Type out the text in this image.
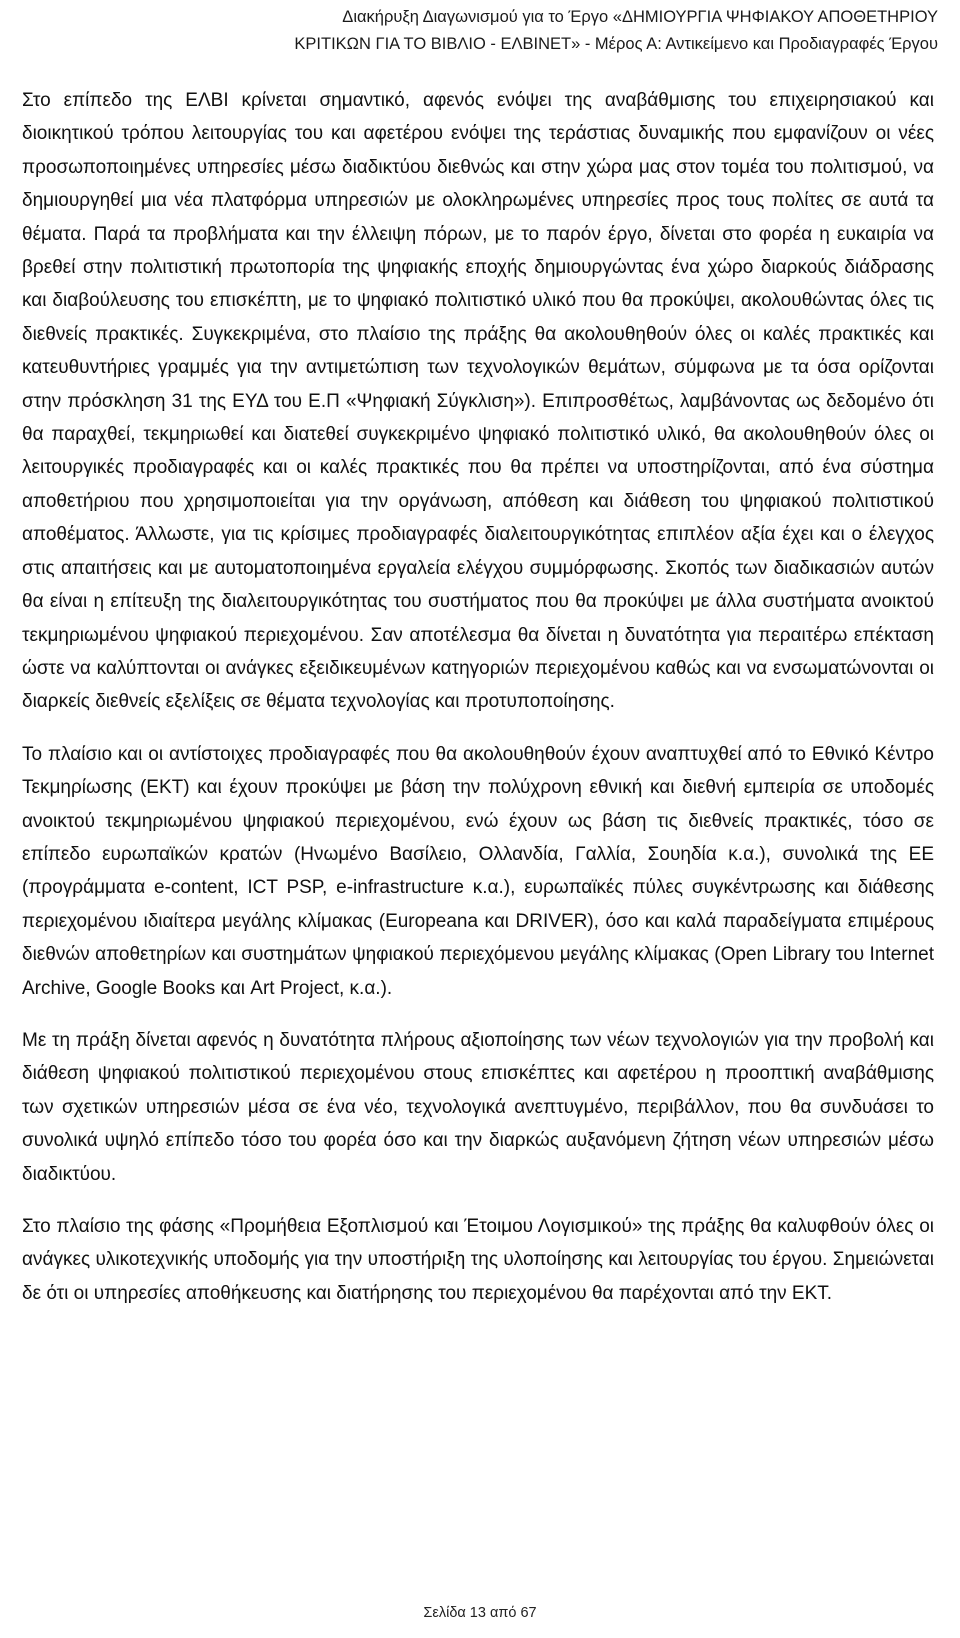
Διακήρυξη Διαγωνισμού για το Έργο «ΔΗΜΙΟΥΡΓΙΑ ΨΗΦΙΑΚΟΥ ΑΠΟΘΕΤΗΡΙΟΥ
ΚΡΙΤΙΚΩΝ ΓΙΑ ΤΟ ΒΙΒΛΙΟ - ΕΛΒΙΝΕΤ» - Μέρος Α: Αντικείμενο και Προδιαγραφές Έργου

Στο επίπεδο της ΕΛΒΙ κρίνεται σημαντικό, αφενός ενόψει της αναβάθμισης του επιχειρησιακού και διοικητικού τρόπου λειτουργίας του και αφετέρου ενόψει της τεράστιας δυναμικής που εμφανίζουν οι νέες προσωποποιημένες υπηρεσίες μέσω διαδικτύου διεθνώς και στην χώρα μας στον τομέα του πολιτισμού, να δημιουργηθεί μια νέα πλατφόρμα υπηρεσιών με ολοκληρωμένες υπηρεσίες προς τους πολίτες σε αυτά τα θέματα. Παρά τα προβλήματα και την έλλειψη πόρων, με το παρόν έργο, δίνεται στο φορέα η ευκαιρία να βρεθεί στην πολιτιστική πρωτοπορία της ψηφιακής εποχής δημιουργώντας ένα χώρο διαρκούς διάδρασης και διαβούλευσης του επισκέπτη, με το ψηφιακό πολιτιστικό υλικό που θα προκύψει, ακολουθώντας όλες τις διεθνείς πρακτικές. Συγκεκριμένα, στο πλαίσιο της πράξης θα ακολουθηθούν όλες οι καλές πρακτικές και κατευθυντήριες γραμμές για την αντιμετώπιση των τεχνολογικών θεμάτων, σύμφωνα με τα όσα ορίζονται στην πρόσκληση 31 της ΕΥΔ του Ε.Π «Ψηφιακή Σύγκλιση»). Επιπροσθέτως, λαμβάνοντας ως δεδομένο ότι θα παραχθεί, τεκμηριωθεί και διατεθεί συγκεκριμένο ψηφιακό πολιτιστικό υλικό, θα ακολουθηθούν όλες οι λειτουργικές προδιαγραφές και οι καλές πρακτικές που θα πρέπει να υποστηρίζονται, από ένα σύστημα αποθετήριου που χρησιμοποιείται για την οργάνωση, απόθεση και διάθεση του ψηφιακού πολιτιστικού αποθέματος. Άλλωστε, για τις κρίσιμες προδιαγραφές διαλειτουργικότητας επιπλέον αξία έχει και ο έλεγχος στις απαιτήσεις και με αυτοματοποιημένα εργαλεία ελέγχου συμμόρφωσης. Σκοπός των διαδικασιών αυτών θα είναι η επίτευξη της διαλειτουργικότητας του συστήματος που θα προκύψει με άλλα συστήματα ανοικτού τεκμηριωμένου ψηφιακού περιεχομένου. Σαν αποτέλεσμα θα δίνεται η δυνατότητα για περαιτέρω επέκταση ώστε να καλύπτονται οι ανάγκες εξειδικευμένων κατηγοριών περιεχομένου καθώς και να ενσωματώνονται οι διαρκείς διεθνείς εξελίξεις σε θέματα τεχνολογίας και προτυποποίησης.

Το πλαίσιο και οι αντίστοιχες προδιαγραφές που θα ακολουθηθούν έχουν αναπτυχθεί από το Εθνικό Κέντρο Τεκμηρίωσης (ΕΚΤ) και έχουν προκύψει με βάση την πολύχρονη εθνική και διεθνή εμπειρία σε υποδομές ανοικτού τεκμηριωμένου ψηφιακού περιεχομένου, ενώ έχουν ως βάση τις διεθνείς πρακτικές, τόσο σε επίπεδο ευρωπαϊκών κρατών (Ηνωμένο Βασίλειο, Ολλανδία, Γαλλία, Σουηδία κ.α.), συνολικά της ΕΕ (προγράμματα e-content, ICT PSP, e-infrastructure κ.α.), ευρωπαϊκές πύλες συγκέντρωσης και διάθεσης περιεχομένου ιδιαίτερα μεγάλης κλίμακας (Europeana και DRIVER), όσο και καλά παραδείγματα επιμέρους διεθνών αποθετηρίων και συστημάτων ψηφιακού περιεχόμενου μεγάλης κλίμακας (Open Library του Internet Archive, Google Books και Art Project, κ.α.).

Με τη πράξη δίνεται αφενός η δυνατότητα πλήρους αξιοποίησης των νέων τεχνολογιών για την προβολή και διάθεση ψηφιακού πολιτιστικού περιεχομένου στους επισκέπτες και αφετέρου η προοπτική αναβάθμισης των σχετικών υπηρεσιών μέσα σε ένα νέο, τεχνολογικά ανεπτυγμένο, περιβάλλον, που θα συνδυάσει το συνολικά υψηλό επίπεδο τόσο του φορέα όσο και την διαρκώς αυξανόμενη ζήτηση νέων υπηρεσιών μέσω διαδικτύου.

Στο πλαίσιο της φάσης «Προμήθεια Εξοπλισμού και Έτοιμου Λογισμικού» της πράξης θα καλυφθούν όλες οι ανάγκες υλικοτεχνικής υποδομής για την υποστήριξη της υλοποίησης και λειτουργίας του έργου. Σημειώνεται δε ότι οι υπηρεσίες αποθήκευσης και διατήρησης του περιεχομένου θα παρέχονται από την ΕΚΤ.

Σελίδα 13 από 67
